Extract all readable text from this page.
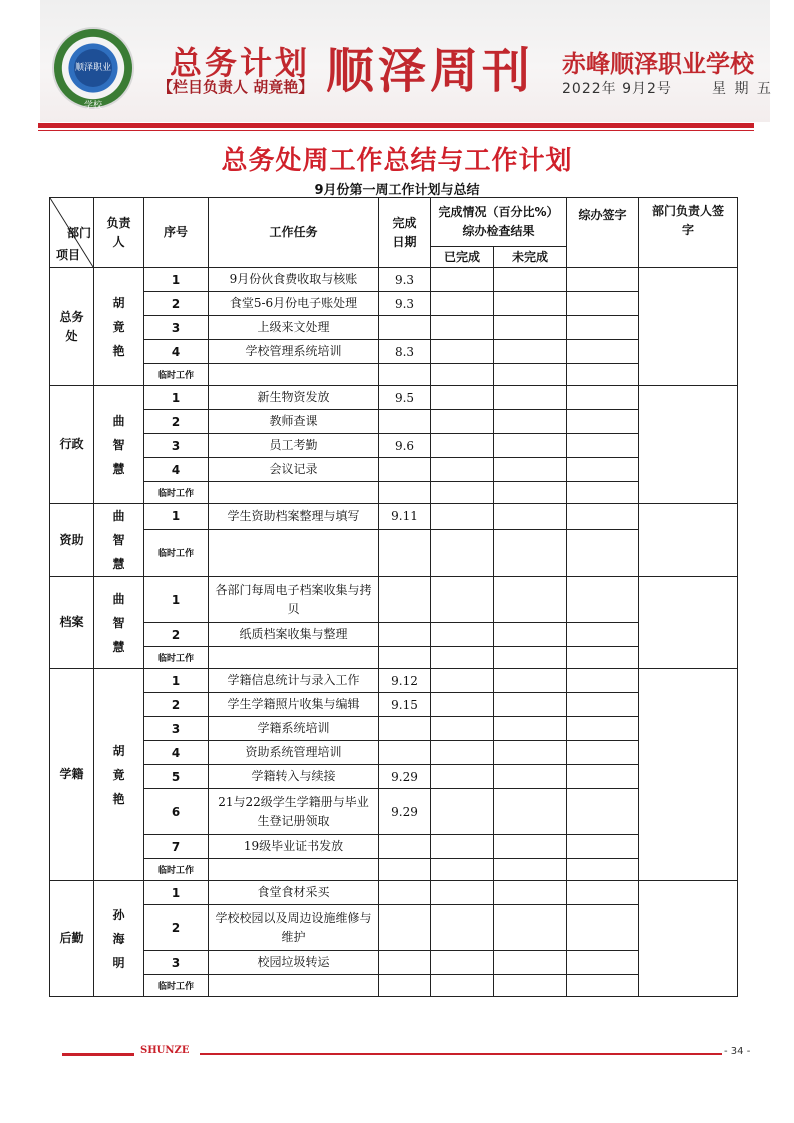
顺泽职业学校
总务计划
【栏目负责人 胡竟艳】 顺泽周刊 赤峰顺泽职业学校
2022年 9月2号	星 期 五
总务处周工作总结与工作计划
9月份第一周工作计划与总结
部门
项目	负责人	序号	工作任务	完成日期	完成情况（百分比%）综办检查结果		综办签字	部门负责人签字

					已完成	未完成		

总务处	胡竟艳	1	9月份伙食费收取与核账	9.3				
		2	食堂5-6月份电子账处理	9.3				
		3	上级来文处理					
		4	学校管理系统培训	8.3				
		临时工作						

行政	曲智慧	1	新生物资发放	9.5				
		2	教师查课					
		3	员工考勤	9.6				
		4	会议记录					
		临时工作						

资助	曲智慧	1	学生资助档案整理与填写	9.11				
		临时工作						

档案	曲智慧	1	各部门每周电子档案收集与拷贝					
		2	纸质档案收集与整理					
		临时工作						

学籍	胡竟艳	1	学籍信息统计与录入工作	9.12				
		2	学生学籍照片收集与编辑	9.15				
		3	学籍系统培训					
		4	资助系统管理培训					
		5	学籍转入与续接	9.29				
		6	21与22级学生学籍册与毕业生登记册领取	9.29				
		7	19级毕业证书发放					
		临时工作						

后勤	孙海明	1	食堂食材采买					
		2	学校校园以及周边设施维修与维护					
		3	校园垃圾转运					
		临时工作						
SHUNZE	- 34 -
